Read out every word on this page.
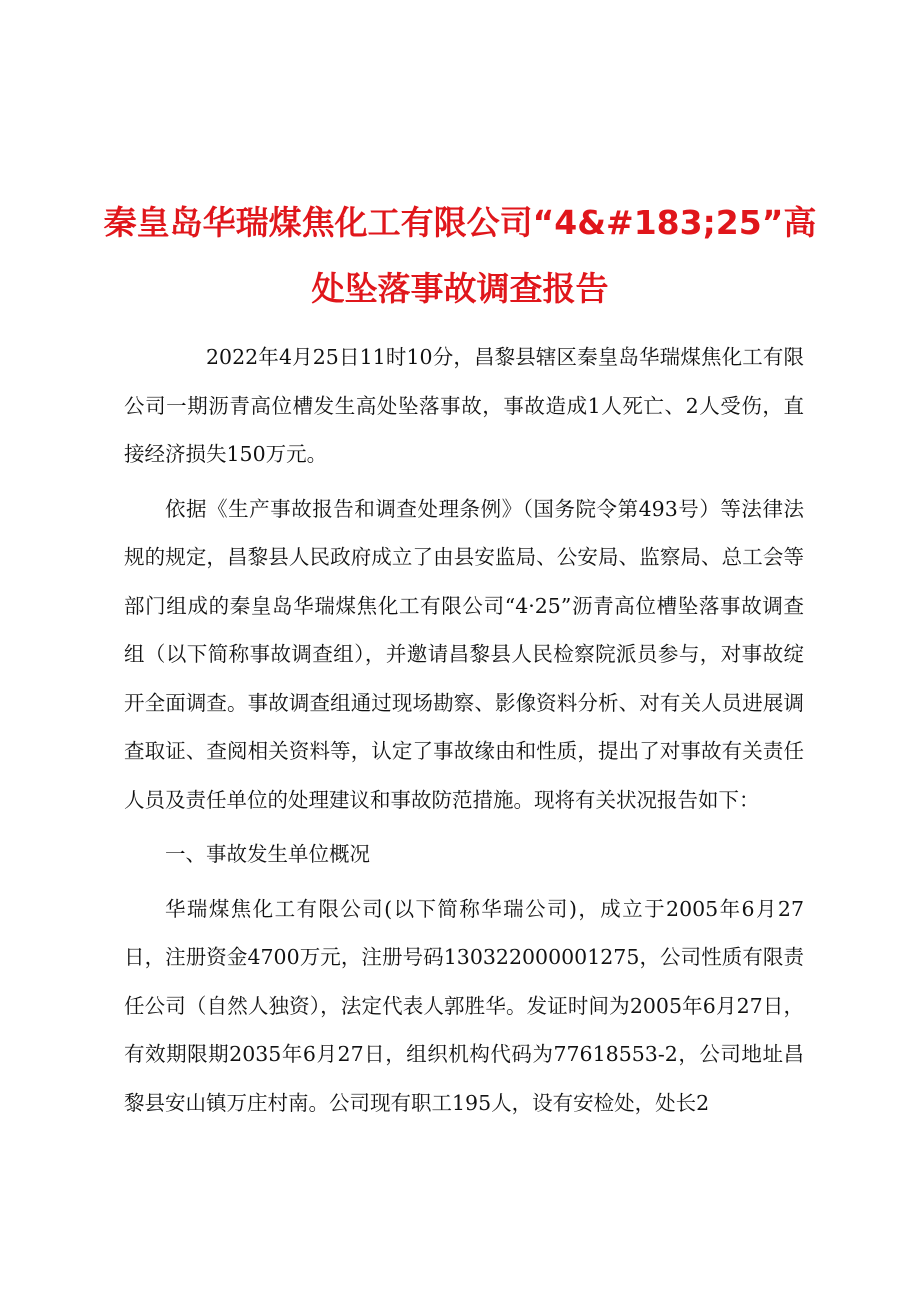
秦皇岛华瑞煤焦化工有限公司“4&#183;25”高
处坠落事故调查报告

2022年4月25日11时10分，昌黎县辖区秦皇岛华瑞煤焦化工有限公司一期沥青高位槽发生高处坠落事故，事故造成1人死亡、2人受伤，直接经济损失150万元。

依据《生产事故报告和调查处理条例》（国务院令第493号）等法律法规的规定，昌黎县人民政府成立了由县安监局、公安局、监察局、总工会等部门组成的秦皇岛华瑞煤焦化工有限公司“4·25”沥青高位槽坠落事故调查组（以下简称事故调查组），并邀请昌黎县人民检察院派员参与，对事故绽开全面调查。事故调查组通过现场勘察、影像资料分析、对有关人员进展调查取证、查阅相关资料等，认定了事故缘由和性质，提出了对事故有关责任人员及责任单位的处理建议和事故防范措施。现将有关状况报告如下：

一、事故发生单位概况

华瑞煤焦化工有限公司(以下简称华瑞公司)，成立于2005年6月27日，注册资金4700万元，注册号码130322000001275，公司性质有限责任公司（自然人独资），法定代表人郭胜华。发证时间为2005年6月27日，有效期限期2035年6月27日，组织机构代码为77618553-2，公司地址昌黎县安山镇万庄村南。公司现有职工195人，设有安检处，处长2
